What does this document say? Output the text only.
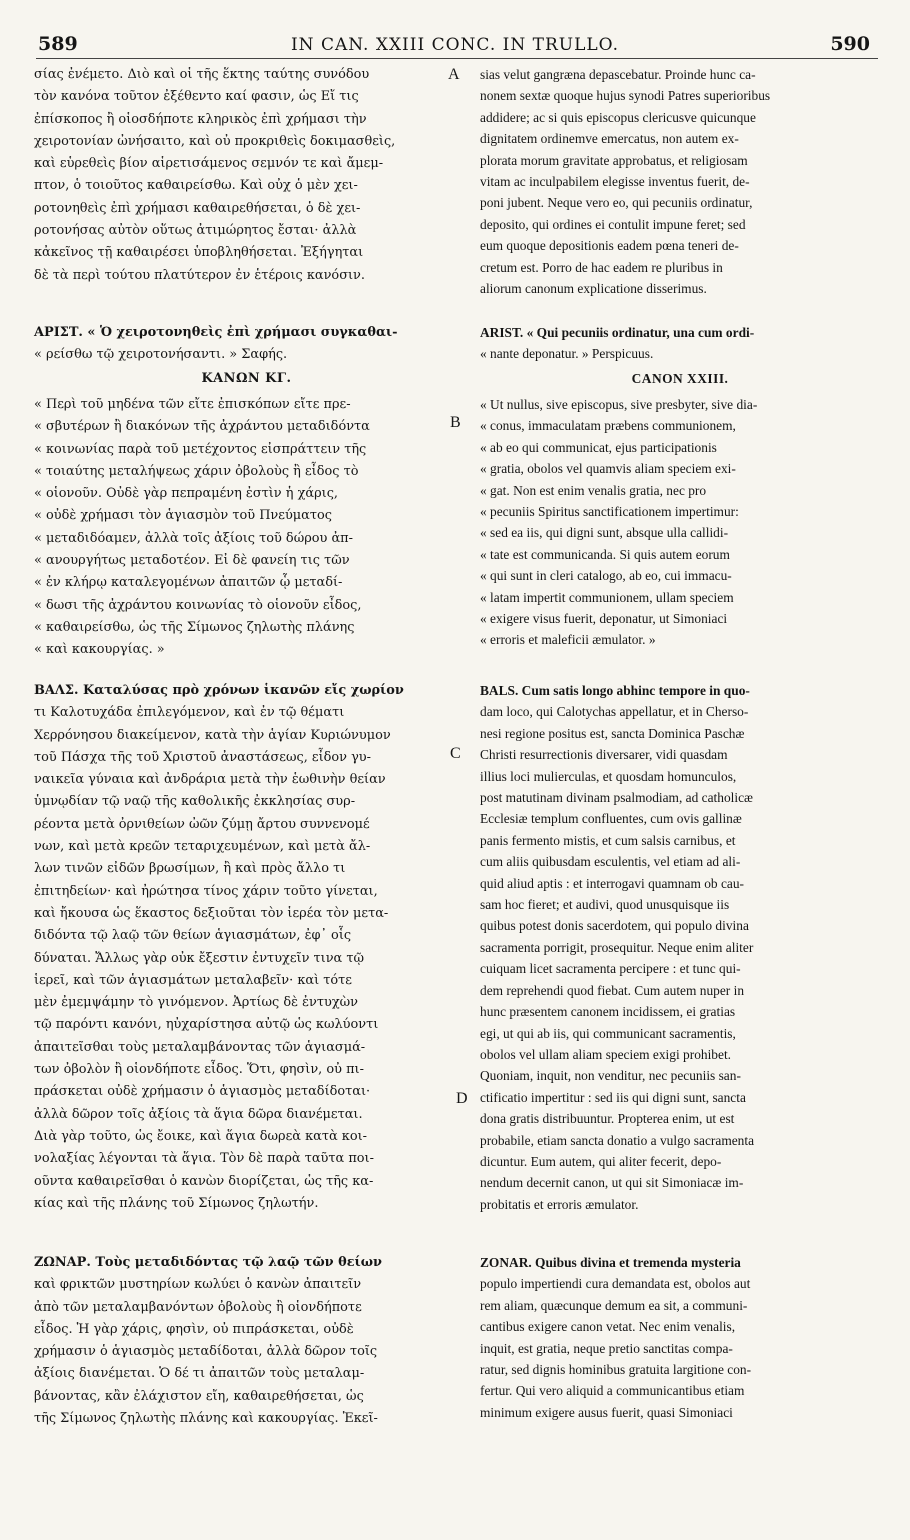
589	IN CAN. XXIII CONC. IN TRULLO.	590
A
B
C
D
σίας ἐνέμετο. Διὸ καὶ οἱ τῆς ἕκτης ταύτης συνόδου
τὸν κανόνα τοῦτον ἐξέθεντο καί φασιν, ὡς Εἴ τις
ἐπίσκοπος ἢ οἱοσδήποτε κληρικὸς ἐπὶ χρήμασι τὴν
χειροτονίαν ὠνήσαιτο, καὶ οὐ προκριθεὶς δοκιμασθεὶς,
καὶ εὑρεθεὶς βίον αἱρετισάμενος σεμνόν τε καὶ ἄμεμ-
πτον, ὁ τοιοῦτος καθαιρείσθω. Καὶ οὐχ ὁ μὲν χει-
ροτονηθεὶς ἐπὶ χρήμασι καθαιρεθήσεται, ὁ δὲ χει-
ροτονήσας αὐτὸν οὕτως ἀτιμώρητος ἔσται· ἀλλὰ
κἀκεῖνος τῇ καθαιρέσει ὑποβληθήσεται. Ἐξήγηται
δὲ τὰ περὶ τούτου πλατύτερον ἐν ἑτέροις κανόσιν.
ΑΡΙΣΤ. « Ὁ χειροτονηθεὶς ἐπὶ χρήμασι συγκαθαι-
« ρείσθω τῷ χειροτονήσαντι. » Σαφής.
ΚΑΝΩΝ ΚΓ.
« Περὶ τοῦ μηδένα τῶν εἴτε ἐπισκόπων εἴτε πρε-
« σβυτέρων ἢ διακόνων τῆς ἀχράντου μεταδιδόντα
« κοινωνίας παρὰ τοῦ μετέχοντος εἰσπράττειν τῆς
« τοιαύτης μεταλήψεως χάριν ὀβολοὺς ἢ εἶδος τὸ
« οἱονοῦν. Οὐδὲ γὰρ πεπραμένη ἐστὶν ἡ χάρις,
« οὐδὲ χρήμασι τὸν ἁγιασμὸν τοῦ Πνεύματος
« μεταδιδόαμεν, ἀλλὰ τοῖς ἀξίοις τοῦ δώρου ἀπ-
« ανουργήτως μεταδοτέον. Εἰ δὲ φανείη τις τῶν
« ἐν κλήρῳ καταλεγομένων ἀπαιτῶν ᾧ μεταδί-
« δωσι τῆς ἀχράντου κοινωνίας τὸ οἱονοῦν εἶδος,
« καθαιρείσθω, ὡς τῆς Σίμωνος ζηλωτὴς πλάνης
« καὶ κακουργίας. »
ΒΑΛΣ. Καταλύσας πρὸ χρόνων ἱκανῶν εἴς χωρίον
τι Καλοτυχάδα ἐπιλεγόμενον, καὶ ἐν τῷ θέματι
Χερρόνησου διακείμενον, κατὰ τὴν ἁγίαν Κυριώνυμον
τοῦ Πάσχα τῆς τοῦ Χριστοῦ ἀναστάσεως, εἶδον γυ-
ναικεῖα γύναια καὶ ἀνδράρια μετὰ τὴν ἑωθινὴν θείαν
ὑμνῳδίαν τῷ ναῷ τῆς καθολικῆς ἐκκλησίας συρ-
ρέοντα μετὰ ὀρνιθείων ὠῶν ζύμῃ ἄρτου συννενομέ
νων, καὶ μετὰ κρεῶν τεταριχευμένων, καὶ μετὰ ἄλ-
λων τινῶν εἰδῶν βρωσίμων, ἢ καὶ πρὸς ἄλλο τι
ἐπιτηδείων· καὶ ἠρώτησα τίνος χάριν τοῦτο γίνεται,
καὶ ἤκουσα ὡς ἕκαστος δεξιοῦται τὸν ἱερέα τὸν μετα-
διδόντα τῷ λαῷ τῶν θείων ἁγιασμάτων, ἐφ᾽ οἷς
δύναται. Ἄλλως γὰρ οὐκ ἔξεστιν ἐντυχεῖν τινα τῷ
ἱερεῖ, καὶ τῶν ἁγιασμάτων μεταλαβεῖν· καὶ τότε
μὲν ἐμεμψάμην τὸ γινόμενον. Ἀρτίως δὲ ἐντυχὼν
τῷ παρόντι κανόνι, ηὐχαρίστησα αὐτῷ ὡς κωλύοντι
ἀπαιτεῖσθαι τοὺς μεταλαμβάνοντας τῶν ἁγιασμά-
των ὀβολὸν ἢ οἱονδήποτε εἶδος. Ὅτι, φησὶν, οὐ πι-
πράσκεται οὐδὲ χρήμασιν ὁ ἁγιασμὸς μεταδίδοται·
ἀλλὰ δῶρον τοῖς ἀξίοις τὰ ἅγια δῶρα διανέμεται.
Διὰ γὰρ τοῦτο, ὡς ἔοικε, καὶ ἅγια δωρεὰ κατὰ κοι-
νολαξίας λέγονται τὰ ἅγια. Τὸν δὲ παρὰ ταῦτα ποι-
οῦντα καθαιρεῖσθαι ὁ κανὼν διορίζεται, ὡς τῆς κα-
κίας καὶ τῆς πλάνης τοῦ Σίμωνος ζηλωτήν.
ΖΩΝΑΡ. Τοὺς μεταδιδόντας τῷ λαῷ τῶν θείων
καὶ φρικτῶν μυστηρίων κωλύει ὁ κανὼν ἀπαιτεῖν
ἀπὸ τῶν μεταλαμβανόντων ὀβολοὺς ἢ οἱονδήποτε
εἶδος. Ἡ γὰρ χάρις, φησὶν, οὐ πιπράσκεται, οὐδὲ
χρήμασιν ὁ ἁγιασμὸς μεταδίδοται, ἀλλὰ δῶρον τοῖς
ἀξίοις διανέμεται. Ὁ δέ τι ἀπαιτῶν τοὺς μεταλαμ-
βάνοντας, κἂν ἐλάχιστον εἴη, καθαιρεθήσεται, ὡς
τῆς Σίμωνος ζηλωτὴς πλάνης καὶ κακουργίας. Ἐκεῖ-
sias velut gangræna depascebatur. Proinde hunc ca-
nonem sextæ quoque hujus synodi Patres superioribus
addidere; ac si quis episcopus clericusve quicunque
dignitatem ordinemve emercatus, non autem ex-
plorata morum gravitate approbatus, et religiosam
vitam ac inculpabilem elegisse inventus fuerit, de-
poni jubent. Neque vero eo, qui pecuniis ordinatur,
deposito, qui ordines ei contulit impune feret; sed
eum quoque depositionis eadem pœna teneri de-
cretum est. Porro de hac eadem re pluribus in
aliorum canonum explicatione disserimus.
ARIST. « Qui pecuniis ordinatur, una cum ordi-
« nante deponatur. » Perspicuus.
CANON XXIII.
« Ut nullus, sive episcopus, sive presbyter, sive dia-
« conus, immaculatam præbens communionem,
« ab eo qui communicat, ejus participationis
« gratia, obolos vel quamvis aliam speciem exi-
« gat. Non est enim venalis gratia, nec pro
« pecuniis Spiritus sanctificationem impertimur:
« sed ea iis, qui digni sunt, absque ulla callidi-
« tate est communicanda. Si quis autem eorum
« qui sunt in cleri catalogo, ab eo, cui immacu-
« latam impertit communionem, ullam speciem
« exigere visus fuerit, deponatur, ut Simoniaci
« erroris et maleficii æmulator. »
BALS. Cum satis longo abhinc tempore in quo-
dam loco, qui Calotychas appellatur, et in Cherso-
nesi regione positus est, sancta Dominica Paschæ
Christi resurrectionis diversarer, vidi quasdam
illius loci mulierculas, et quosdam homunculos,
post matutinam divinam psalmodiam, ad catholicæ
Ecclesiæ templum confluentes, cum ovis gallinæ
panis fermento mistis, et cum salsis carnibus, et
cum aliis quibusdam esculentis, vel etiam ad ali-
quid aliud aptis : et interrogavi quamnam ob cau-
sam hoc fieret; et audivi, quod unusquisque iis
quibus potest donis sacerdotem, qui populo divina
sacramenta porrigit, prosequitur. Neque enim aliter
cuiquam licet sacramenta percipere : et tunc qui-
dem reprehendi quod fiebat. Cum autem nuper in
hunc præsentem canonem incidissem, ei gratias
egi, ut qui ab iis, qui communicant sacramentis,
obolos vel ullam aliam speciem exigi prohibet.
Quoniam, inquit, non venditur, nec pecuniis san-
ctificatio impertitur : sed iis qui digni sunt, sancta
dona gratis distribuuntur. Propterea enim, ut est
probabile, etiam sancta donatio a vulgo sacramenta
dicuntur. Eum autem, qui aliter fecerit, depo-
nendum decernit canon, ut qui sit Simoniacæ im-
probitatis et erroris æmulator.
ZONAR. Quibus divina et tremenda mysteria
populo impertiendi cura demandata est, obolos aut
rem aliam, quæcunque demum ea sit, a communi-
cantibus exigere canon vetat. Nec enim venalis,
inquit, est gratia, neque pretio sanctitas compa-
ratur, sed dignis hominibus gratuita largitione con-
fertur. Qui vero aliquid a communicantibus etiam
minimum exigere ausus fuerit, quasi Simoniaci
